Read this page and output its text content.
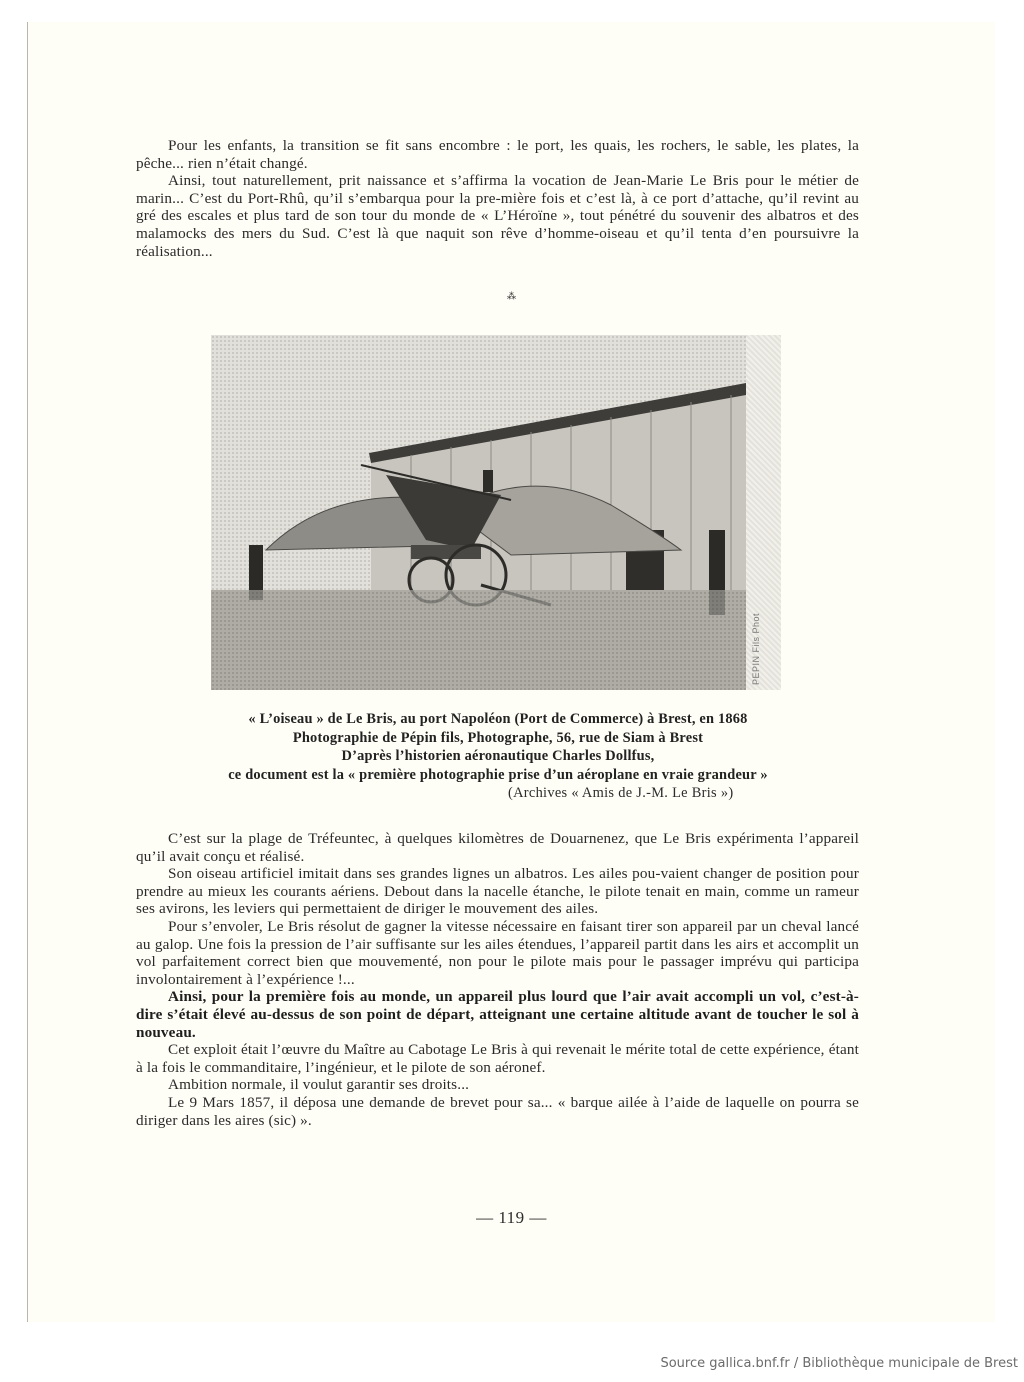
Pour les enfants, la transition se fit sans encombre : le port, les quais, les rochers, le sable, les plates, la pêche... rien n’était changé.

Ainsi, tout naturellement, prit naissance et s’affirma la vocation de Jean-Marie Le Bris pour le métier de marin... C’est du Port-Rhû, qu’il s’embarqua pour la pre-mière fois et c’est là, à ce port d’attache, qu’il revint au gré des escales et plus tard de son tour du monde de « L’Héroïne », tout pénétré du souvenir des albatros et des malamocks des mers du Sud. C’est là que naquit son rêve d’homme-oiseau et qu’il tenta d’en poursuivre la réalisation...

⁂
PEPIN Fils Phot
« L’oiseau » de Le Bris, au port Napoléon (Port de Commerce) à Brest, en 1868
Photographie de Pépin fils, Photographe, 56, rue de Siam à Brest
D’après l’historien aéronautique Charles Dollfus,
ce document est la « première photographie prise d’un aéroplane en vraie grandeur »
(Archives « Amis de J.-M. Le Bris »)

C’est sur la plage de Tréfeuntec, à quelques kilomètres de Douarnenez, que Le Bris expérimenta l’appareil qu’il avait conçu et réalisé.

Son oiseau artificiel imitait dans ses grandes lignes un albatros. Les ailes pou-vaient changer de position pour prendre au mieux les courants aériens. Debout dans la nacelle étanche, le pilote tenait en main, comme un rameur ses avirons, les leviers qui permettaient de diriger le mouvement des ailes.

Pour s’envoler, Le Bris résolut de gagner la vitesse nécessaire en faisant tirer son appareil par un cheval lancé au galop. Une fois la pression de l’air suffisante sur les ailes étendues, l’appareil partit dans les airs et accomplit un vol parfaitement correct bien que mouvementé, non pour le pilote mais pour le passager imprévu qui participa involontairement à l’expérience !...

Ainsi, pour la première fois au monde, un appareil plus lourd que l’air avait accompli un vol, c’est-à-dire s’était élevé au-dessus de son point de départ, atteignant une certaine altitude avant de toucher le sol à nouveau.

Cet exploit était l’œuvre du Maître au Cabotage Le Bris à qui revenait le mérite total de cette expérience, étant à la fois le commanditaire, l’ingénieur, et le pilote de son aéronef.

Ambition normale, il voulut garantir ses droits...

Le 9 Mars 1857, il déposa une demande de brevet pour sa... « barque ailée à l’aide de laquelle on pourra se diriger dans les aires (sic) ».

— 119 —
Source gallica.bnf.fr / Bibliothèque municipale de Brest
